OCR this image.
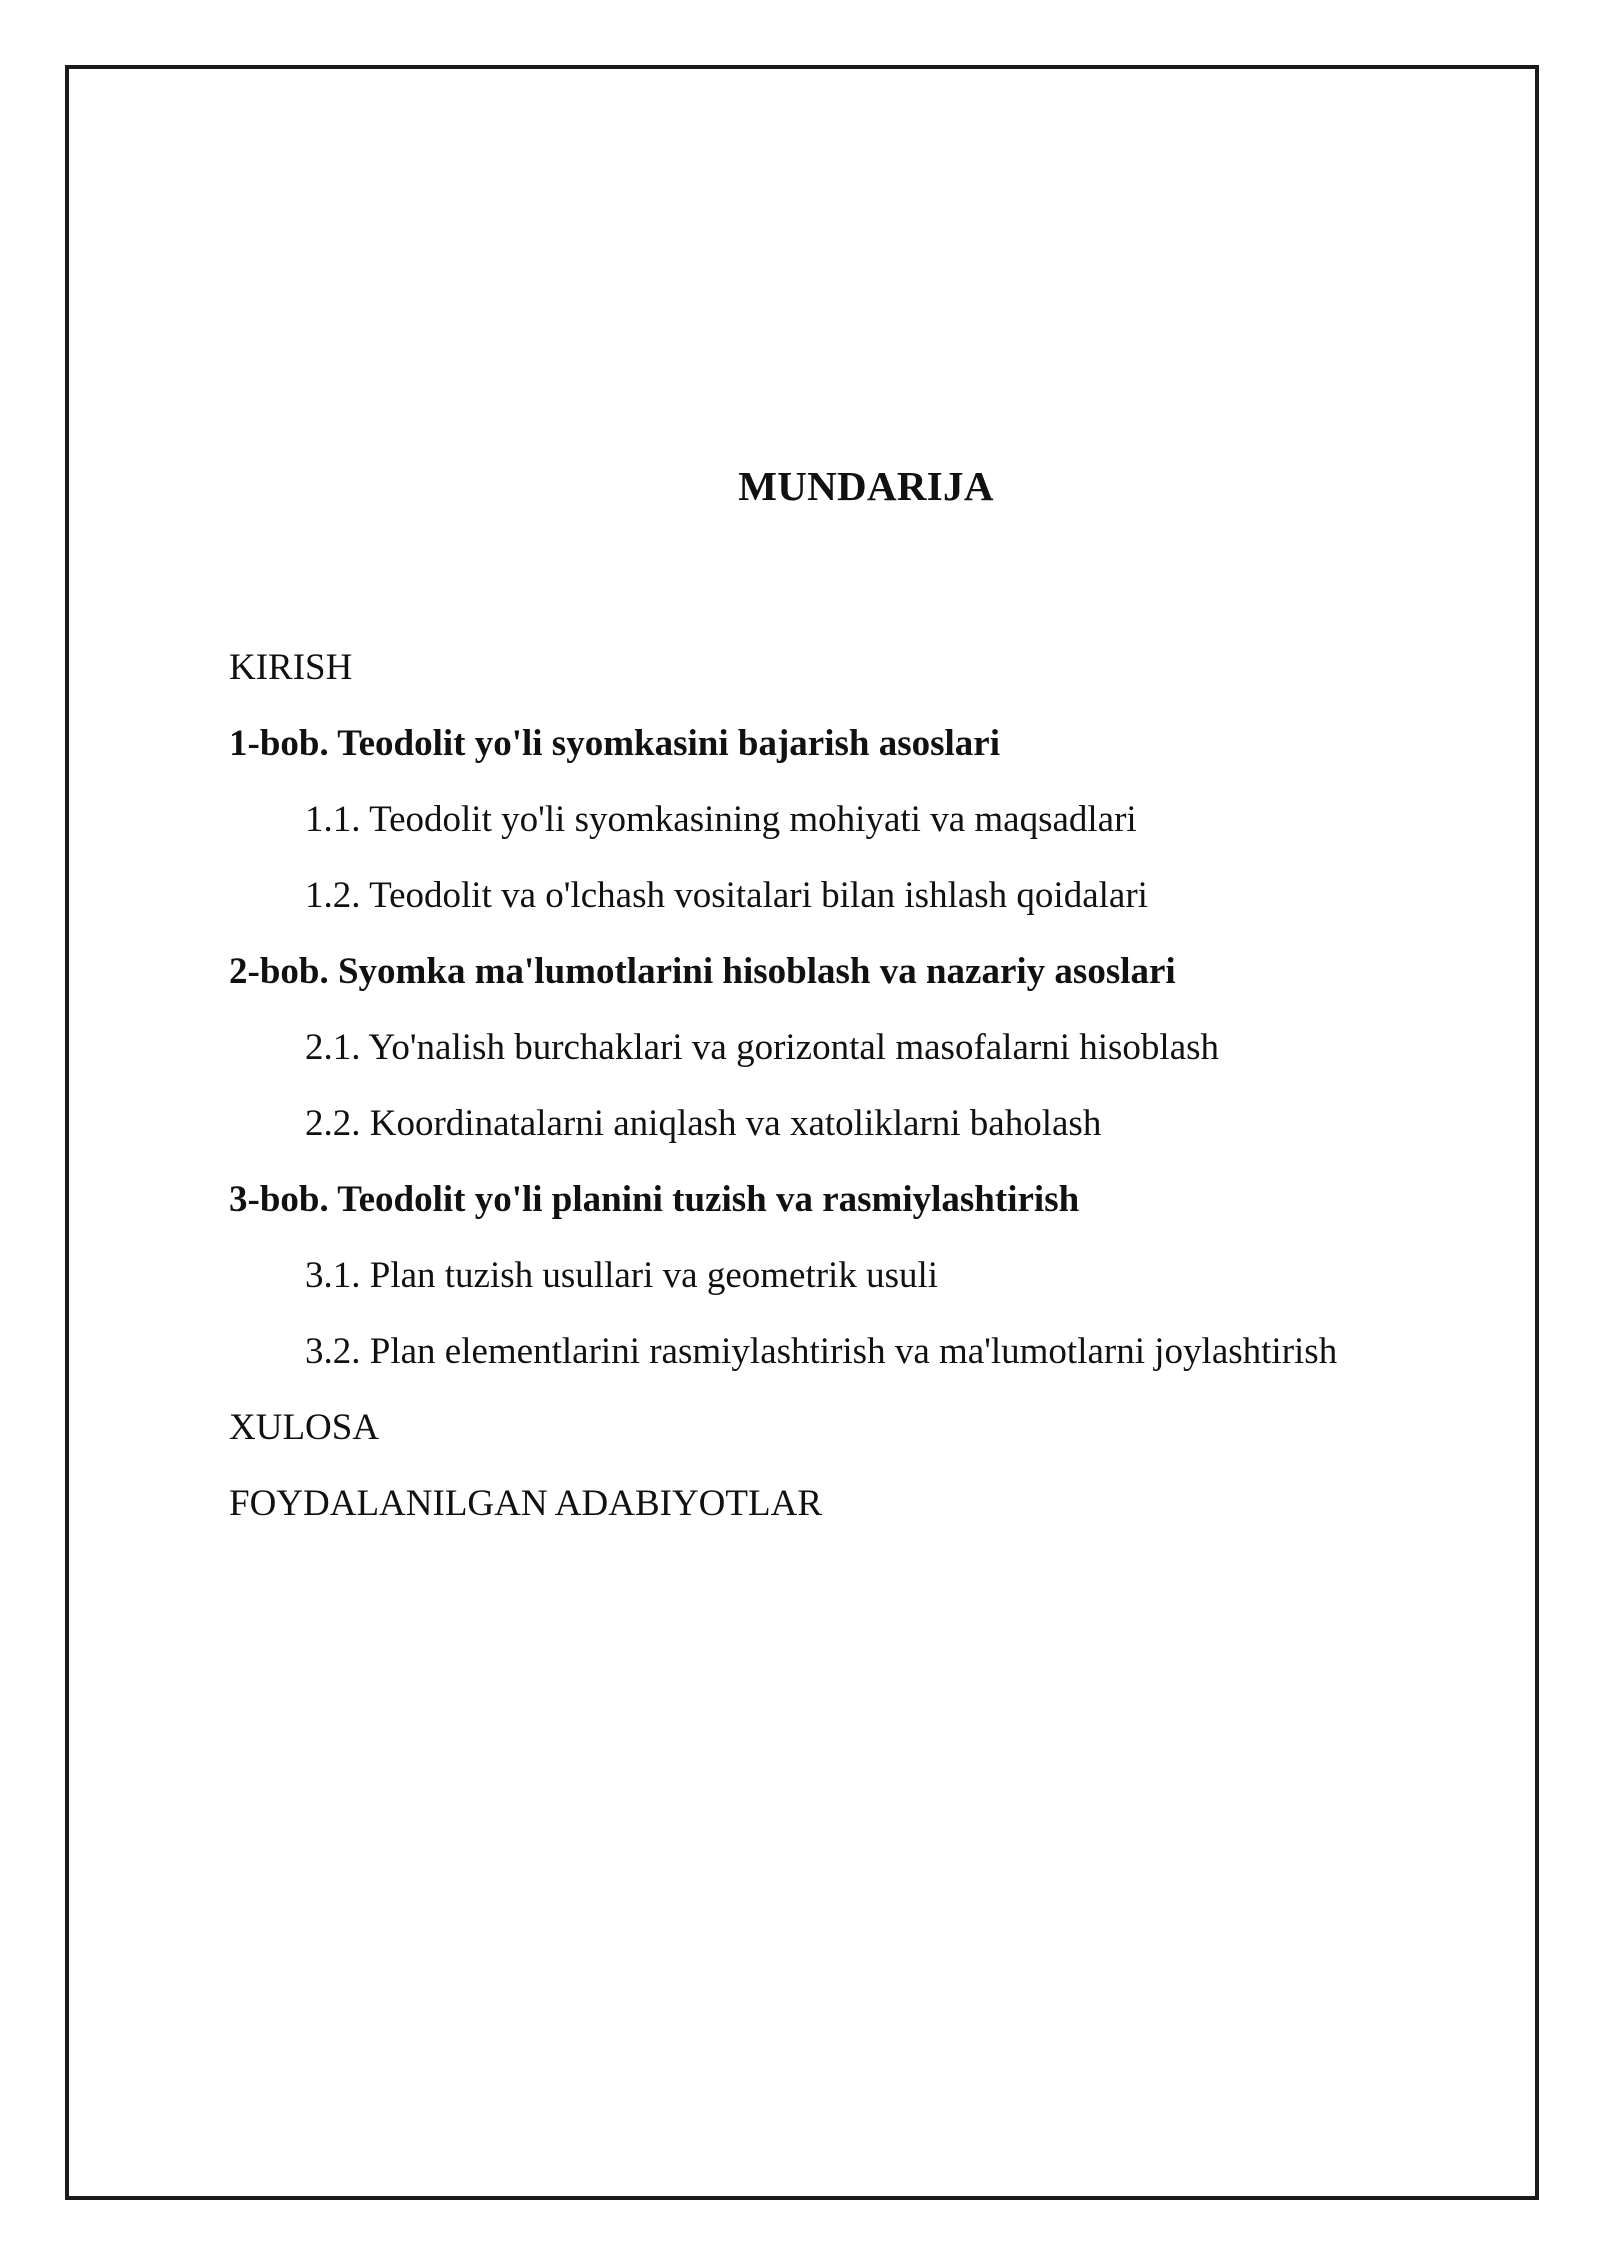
MUNDARIJA
KIRISH
1-bob. Teodolit yo'li syomkasini bajarish asoslari
1.1. Teodolit yo'li syomkasining mohiyati va maqsadlari
1.2. Teodolit va o'lchash vositalari bilan ishlash qoidalari
2-bob. Syomka ma'lumotlarini hisoblash va nazariy asoslari
2.1. Yo'nalish burchaklari va gorizontal masofalarni hisoblash
2.2. Koordinatalarni aniqlash va xatoliklarni baholash
3-bob. Teodolit yo'li planini tuzish va rasmiylashtirish
3.1. Plan tuzish usullari va geometrik usuli
3.2. Plan elementlarini rasmiylashtirish va ma'lumotlarni joylashtirish
XULOSA
FOYDALANILGAN ADABIYOTLAR
